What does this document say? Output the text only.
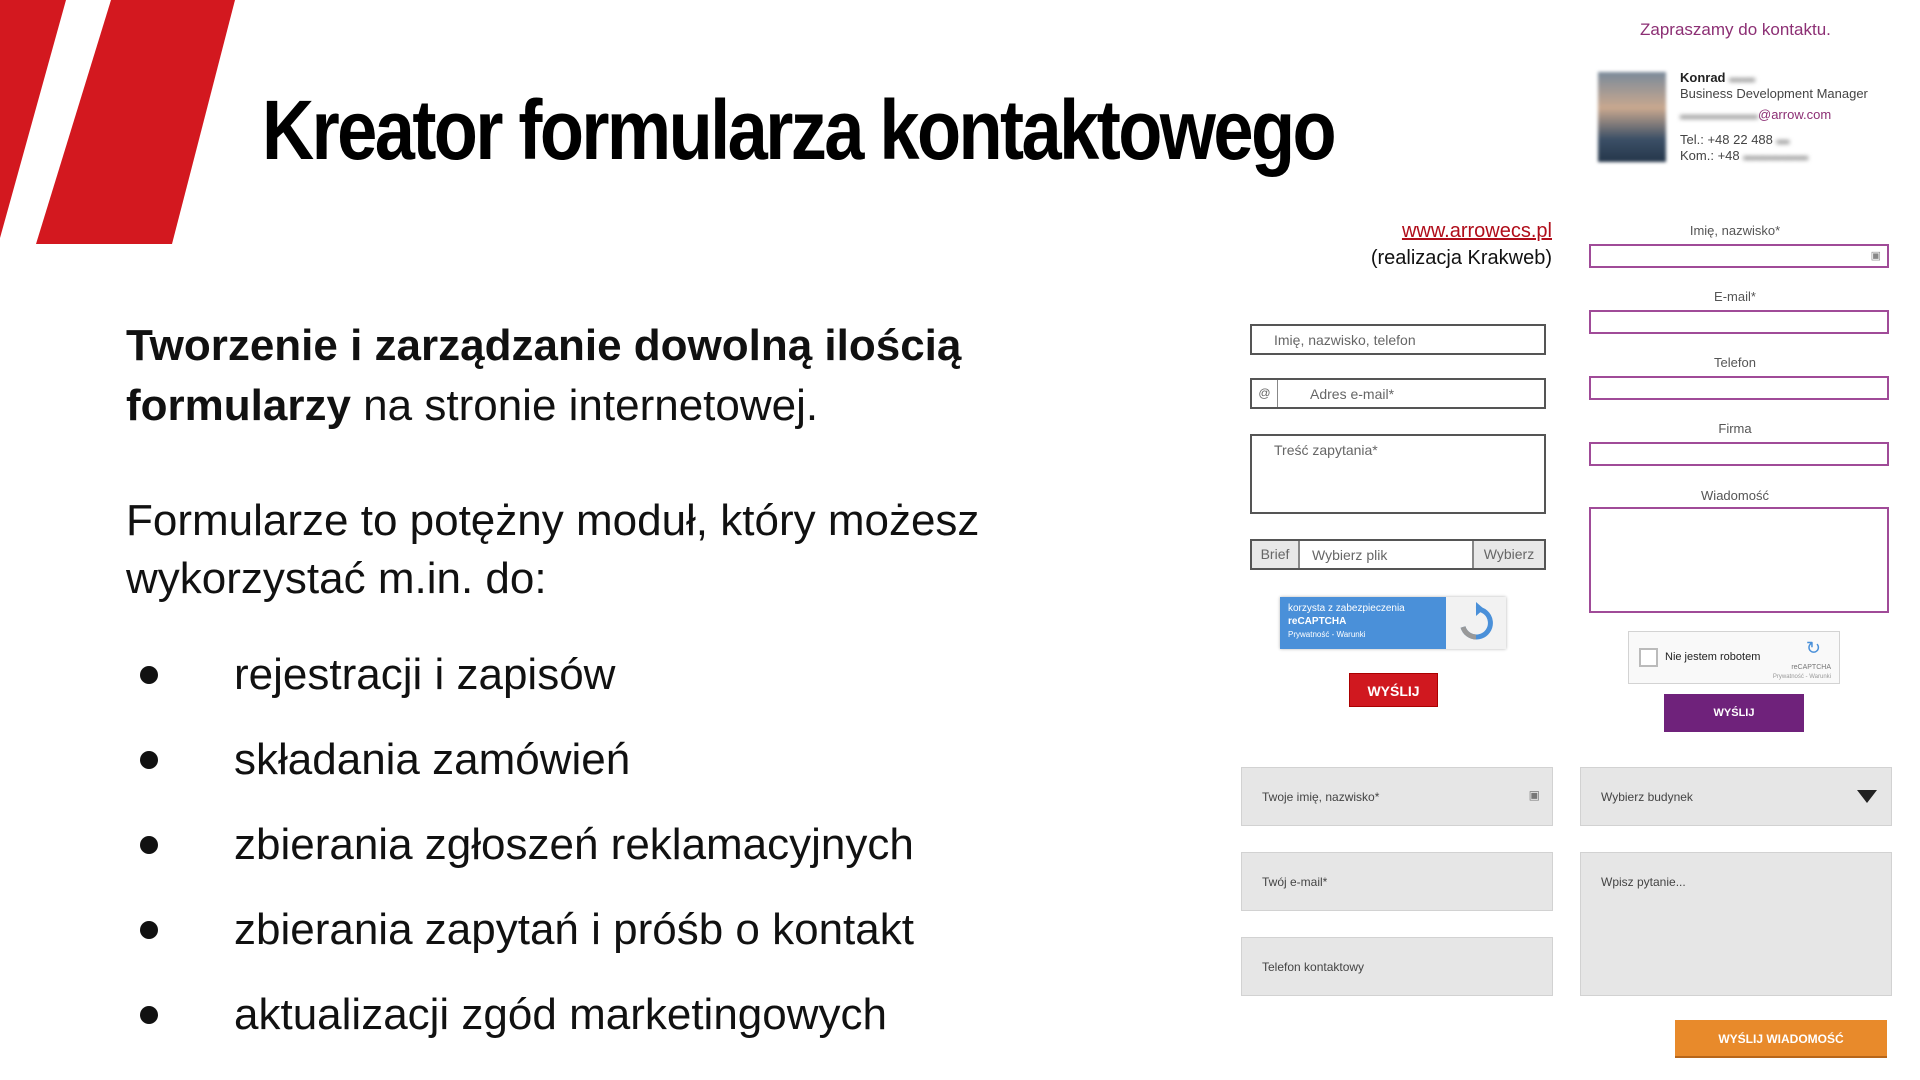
Kreator formularza kontaktowego
Tworzenie i zarządzanie dowolną ilością
formularzy na stronie internetowej.
Formularze to potężny moduł, który możesz wykorzystać m.in. do:
rejestracji i zapisów
składania zamówień
zbierania zgłoszeń reklamacyjnych
zbierania zapytań i próśb o kontakt
aktualizacji zgód marketingowych
Zapraszamy do kontaktu.
Konrad ▬▬
Business Development Manager
▬▬▬▬▬▬@arrow.com
Tel.: +48 22 488 ▬
Kom.: +48 ▬▬▬▬▬
www.arrowecs.pl
(realizacja Krakweb)
Imię, nazwisko, telefon
@	Adres e-mail*
Treść zapytania*
Brief	Wybierz plik	Wybierz
korzysta z zabezpieczenia
reCAPTCHA
Prywatność - Warunki
WYŚLIJ
Imię, nazwisko*
▣
E-mail*
Telefon
Firma
Wiadomość
Nie jestem robotem	↻
reCAPTCHA
Prywatność - Warunki
WYŚLIJ
Twoje imię, nazwisko*	▣	Wybierz budynek
Twój e-mail*	Wpisz pytanie...
Telefon kontaktowy
WYŚLIJ WIADOMOŚĆ
